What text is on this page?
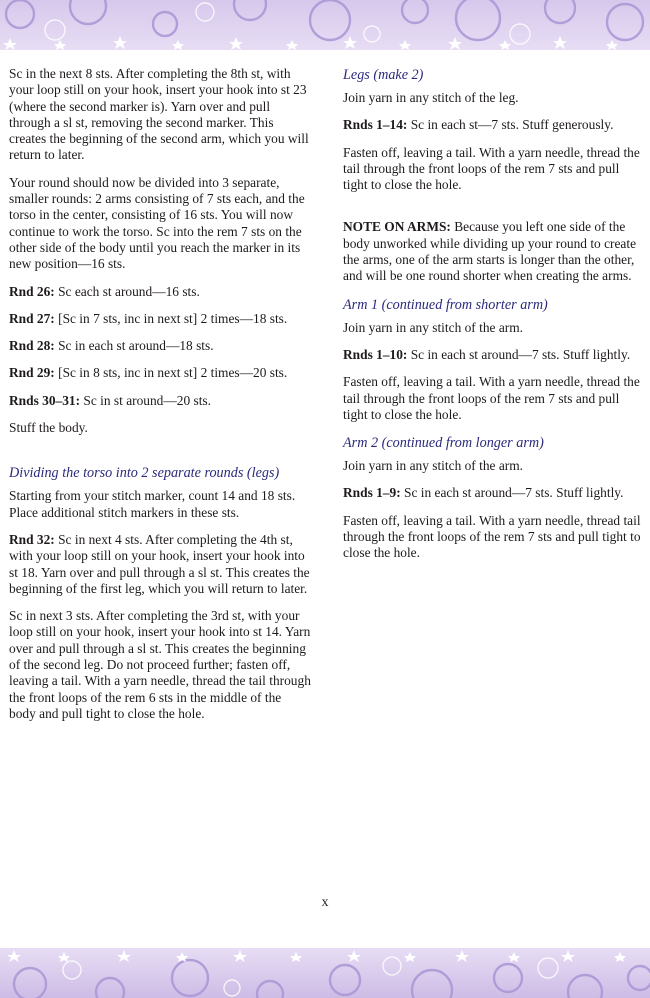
Sc in the next 8 sts. After completing the 8th st, with your loop still on your hook, insert your hook into st 23 (where the second marker is). Yarn over and pull through a sl st, removing the second marker. This creates the beginning of the second arm, which you will return to later.

Your round should now be divided into 3 separate, smaller rounds: 2 arms consisting of 7 sts each, and the torso in the center, consisting of 16 sts. You will now continue to work the torso. Sc into the rem 7 sts on the other side of the body until you reach the marker in its new position—16 sts.

Rnd 26: Sc each st around—16 sts.

Rnd 27: [Sc in 7 sts, inc in next st] 2 times—18 sts.

Rnd 28: Sc in each st around—18 sts.

Rnd 29: [Sc in 8 sts, inc in next st] 2 times—20 sts.

Rnds 30–31: Sc in st around—20 sts.

Stuff the body.

Dividing the torso into 2 separate rounds (legs)

Starting from your stitch marker, count 14 and 18 sts. Place additional stitch markers in these sts.

Rnd 32: Sc in next 4 sts. After completing the 4th st, with your loop still on your hook, insert your hook into st 18. Yarn over and pull through a sl st. This creates the beginning of the first leg, which you will return to later.

Sc in next 3 sts. After completing the 3rd st, with your loop still on your hook, insert your hook into st 14. Yarn over and pull through a sl st. This creates the beginning of the second leg. Do not proceed further; fasten off, leaving a tail. With a yarn needle, thread the tail through the front loops of the rem 6 sts in the middle of the body and pull tight to close the hole.

Legs (make 2)

Join yarn in any stitch of the leg.

Rnds 1–14: Sc in each st—7 sts. Stuff generously.

Fasten off, leaving a tail. With a yarn needle, thread the tail through the front loops of the rem 7 sts and pull tight to close the hole.

NOTE ON ARMS: Because you left one side of the body unworked while dividing up your round to create the arms, one of the arm starts is longer than the other, and will be one round shorter when creating the arms.

Arm 1 (continued from shorter arm)

Join yarn in any stitch of the arm.

Rnds 1–10: Sc in each st around—7 sts. Stuff lightly.

Fasten off, leaving a tail. With a yarn needle, thread the tail through the front loops of the rem 7 sts and pull tight to close the hole.

Arm 2 (continued from longer arm)

Join yarn in any stitch of the arm.

Rnds 1–9: Sc in each st around—7 sts. Stuff lightly.

Fasten off, leaving a tail. With a yarn needle, thread tail through the front loops of the rem 7 sts and pull tight to close the hole.

x
